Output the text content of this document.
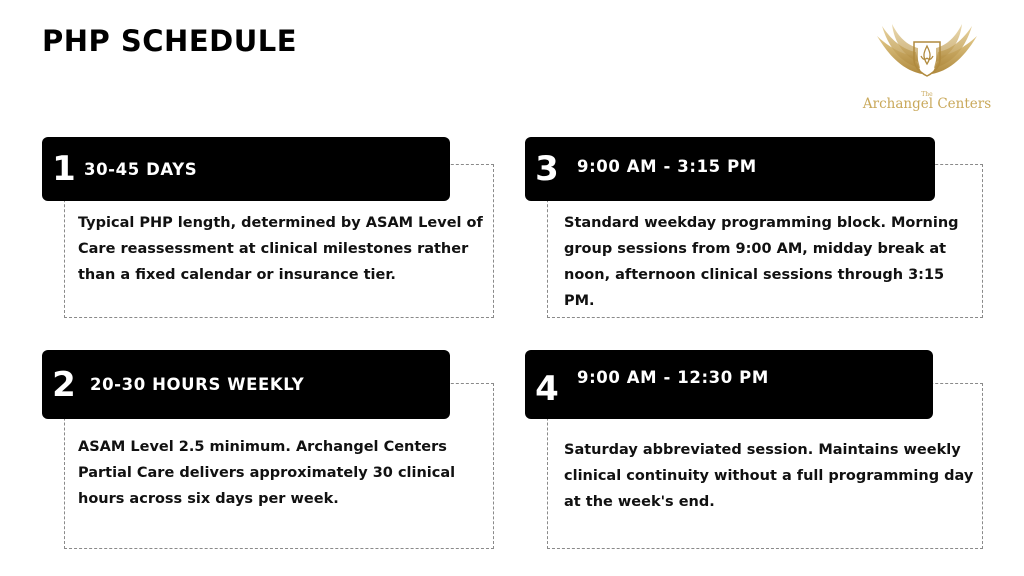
PHP SCHEDULE
The
Archangel Centers
1 30-45 DAYS
Typical PHP length, determined by ASAM Level of Care reassessment at clinical milestones rather than a fixed calendar or insurance tier.
3	9:00 AM - 3:15 PM
Standard weekday programming block. Morning group sessions from 9:00 AM, midday break at noon, afternoon clinical sessions through 3:15 PM.
2 20-30 HOURS WEEKLY
ASAM Level 2.5 minimum. Archangel Centers Partial Care delivers approximately 30 clinical hours across six days per week.
4	9:00 AM - 12:30 PM
Saturday abbreviated session. Maintains weekly clinical continuity without a full programming day at the week's end.
